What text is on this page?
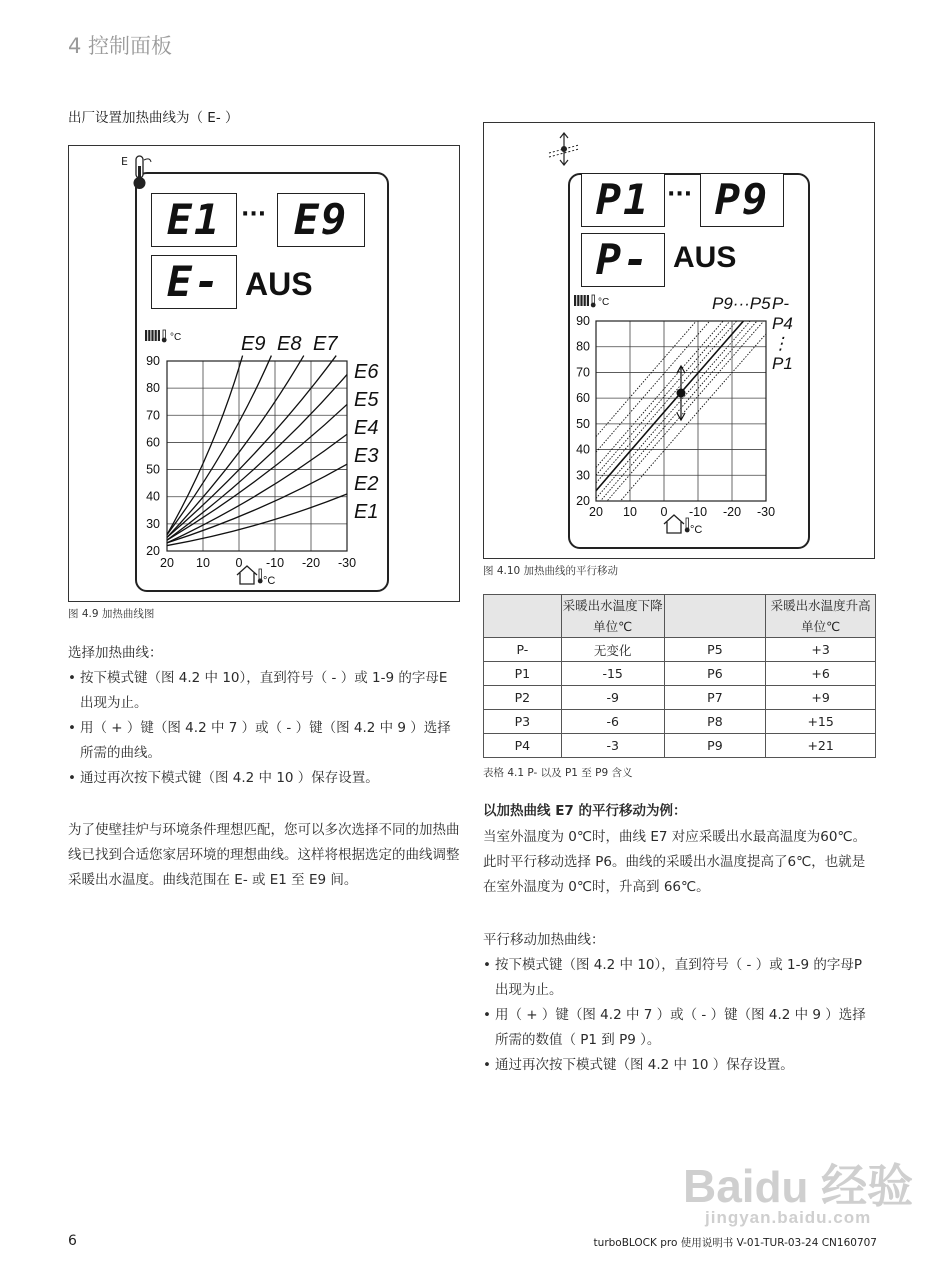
4 控制面板
出厂设置加热曲线为（ E- ）
E
E1 ··· E9
E- AUS
°C
20 10 0 -10 -20 -30
20
30
40
50
60
70
80
90
E9 E8 E7
E6
E5
E4
E3
E2
E1
°C
图 4.9 加热曲线图
选择加热曲线：
• 按下模式键（图 4.2 中 10），直到符号（ - ）或 1-9 的字母E 出现为止。
• 用（ + ）键（图 4.2 中 7 ）或（ - ）键（图 4.2 中 9 ）选择所需的曲线。
• 通过再次按下模式键（图 4.2 中 10 ）保存设置。
为了使壁挂炉与环境条件理想匹配，您可以多次选择不同的加热曲线已找到合适您家居环境的理想曲线。这样将根据选定的曲线调整采暖出水温度。曲线范围在 E- 或 E1 至 E9 间。
P1 ··· P9
P- AUS
°C	P9···P5 P-
P4
⋮
P1
20 10 0 -10 -20 -30
20
30
40
50
60
70
80
90
°C
图 4.10 加热曲线的平行移动
	采暖出水温度下降单位℃		采暖出水温度升高单位℃
P-	无变化	P5	+3
P1	-15	P6	+6
P2	-9	P7	+9
P3	-6	P8	+15
P4	-3	P9	+21
表格 4.1 P- 以及 P1 至 P9 含义
以加热曲线 E7 的平行移动为例：
当室外温度为 0℃时，曲线 E7 对应采暖出水最高温度为60℃。此时平行移动选择 P6。曲线的采暖出水温度提高了6℃，也就是在室外温度为 0℃时，升高到 66℃。
平行移动加热曲线：
• 按下模式键（图 4.2 中 10），直到符号（ - ）或 1-9 的字母P 出现为止。
• 用（ + ）键（图 4.2 中 7 ）或（ - ）键（图 4.2 中 9 ）选择所需的数值（ P1 到 P9 ）。
• 通过再次按下模式键（图 4.2 中 10 ）保存设置。
Baidu 经验
jingyan.baidu.com
6	turboBLOCK pro 使用说明书 V-01-TUR-03-24 CN160707
